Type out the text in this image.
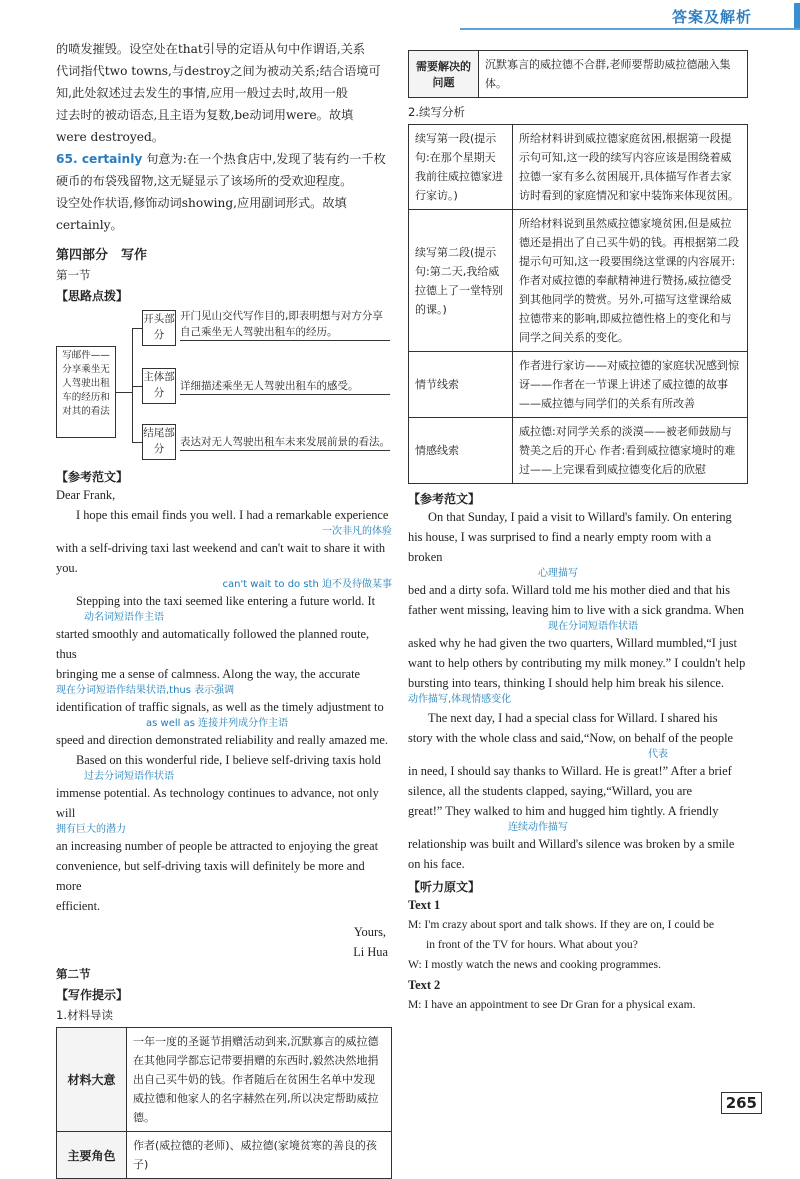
答案及解析

的喷发摧毁。设空处在that引导的定语从句中作谓语,关系

代词指代two towns,与destroy之间为被动关系;结合语境可

知,此处叙述过去发生的事情,应用一般过去时,故用一般

过去时的被动语态,且主语为复数,be动词用were。故填

were destroyed。

65. certainly 句意为:在一个热食店中,发现了装有约一千枚

硬币的布袋残留物,这无疑显示了该场所的受欢迎程度。

设空处作状语,修饰动词showing,应用副词形式。故填

certainly。

第四部分　写作
第一节
【思路点拨】
写邮件——分享乘坐无人驾驶出租车的经历和对其的看法
开头部分
主体部分
结尾部分
开门见山交代写作目的,即表明想与对方分享自己乘坐无人驾驶出租车的经历。
详细描述乘坐无人驾驶出租车的感受。
表达对无人驾驶出租车未来发展前景的看法。
【参考范文】
Dear Frank,
I hope this email finds you well. I had a remarkable experience
一次非凡的体验
with a self-driving taxi last weekend and can't wait to share it with you.
can't wait to do sth 迫不及待做某事
Stepping into the taxi seemed like entering a future world. It
动名词短语作主语
started smoothly and automatically followed the planned route, thus
bringing me a sense of calmness. Along the way, the accurate
现在分词短语作结果状语,thus 表示强调
identification of traffic signals, as well as the timely adjustment to
as well as 连接并列成分作主语
speed and direction demonstrated reliability and really amazed me.
Based on this wonderful ride, I believe self-driving taxis hold
过去分词短语作状语
immense potential. As technology continues to advance, not only will
拥有巨大的潜力
an increasing number of people be attracted to enjoying the great
convenience, but self-driving taxis will definitely be more and more
efficient.
Yours,
Li Hua
第二节
【写作提示】
1.材料导读
材料大意	一年一度的圣诞节捐赠活动到来,沉默寡言的威拉德在其他同学都忘记带要捐赠的东西时,毅然决然地捐出自己买牛奶的钱。作者随后在贫困生名单中发现威拉德和他家人的名字赫然在列,所以决定帮助威拉德。
主要角色	作者(威拉德的老师)、威拉德(家境贫寒的善良的孩子)
需要解决的问题	沉默寡言的威拉德不合群,老师要帮助威拉德融入集体。
2.续写分析
续写第一段(提示句:在那个星期天我前往威拉德家进行家访。)	所给材料讲到威拉德家庭贫困,根据第一段提示句可知,这一段的续写内容应该是围绕着威拉德一家有多么贫困展开,具体描写作者去家访时看到的家庭情况和家中装饰来体现贫困。
续写第二段(提示句:第二天,我给威拉德上了一堂特别的课。)	所给材料说到虽然威拉德家境贫困,但是威拉德还是捐出了自己买牛奶的钱。再根据第二段提示句可知,这一段要围绕这堂课的内容展开:作者对威拉德的奉献精神进行赞扬,威拉德受到其他同学的赞赏。另外,可描写这堂课给威拉德带来的影响,即威拉德性格上的变化和与同学之间关系的变化。
情节线索	作者进行家访——对威拉德的家庭状况感到惊讶——作者在一节课上讲述了威拉德的故事——威拉德与同学们的关系有所改善
情感线索	威拉德:对同学关系的淡漠——被老师鼓励与赞美之后的开心 作者:看到威拉德家境时的难过——上完课看到威拉德变化后的欣慰
【参考范文】
On that Sunday, I paid a visit to Willard's family. On entering
his house, I was surprised to find a nearly empty room with a broken
心理描写
bed and a dirty sofa. Willard told me his mother died and that his
father went missing, leaving him to live with a sick grandma. When
现在分词短语作状语
asked why he had given the two quarters, Willard mumbled,“I just
want to help others by contributing my milk money.” I couldn't help
bursting into tears, thinking I should help him break his silence.
动作描写,体现情感变化
The next day, I had a special class for Willard. I shared his
story with the whole class and said,“Now, on behalf of the people
代表
in need, I should say thanks to Willard. He is great!” After a brief
silence, all the students clapped, saying,“Willard, you are
great!” They walked to him and hugged him tightly. A friendly
连续动作描写
relationship was built and Willard's silence was broken by a smile
on his face.
【听力原文】
Text 1
M: I'm crazy about sport and talk shows. If they are on, I could be
in front of the TV for hours. What about you?
W: I mostly watch the news and cooking programmes.
Text 2
M: I have an appointment to see Dr Gran for a physical exam.
265
